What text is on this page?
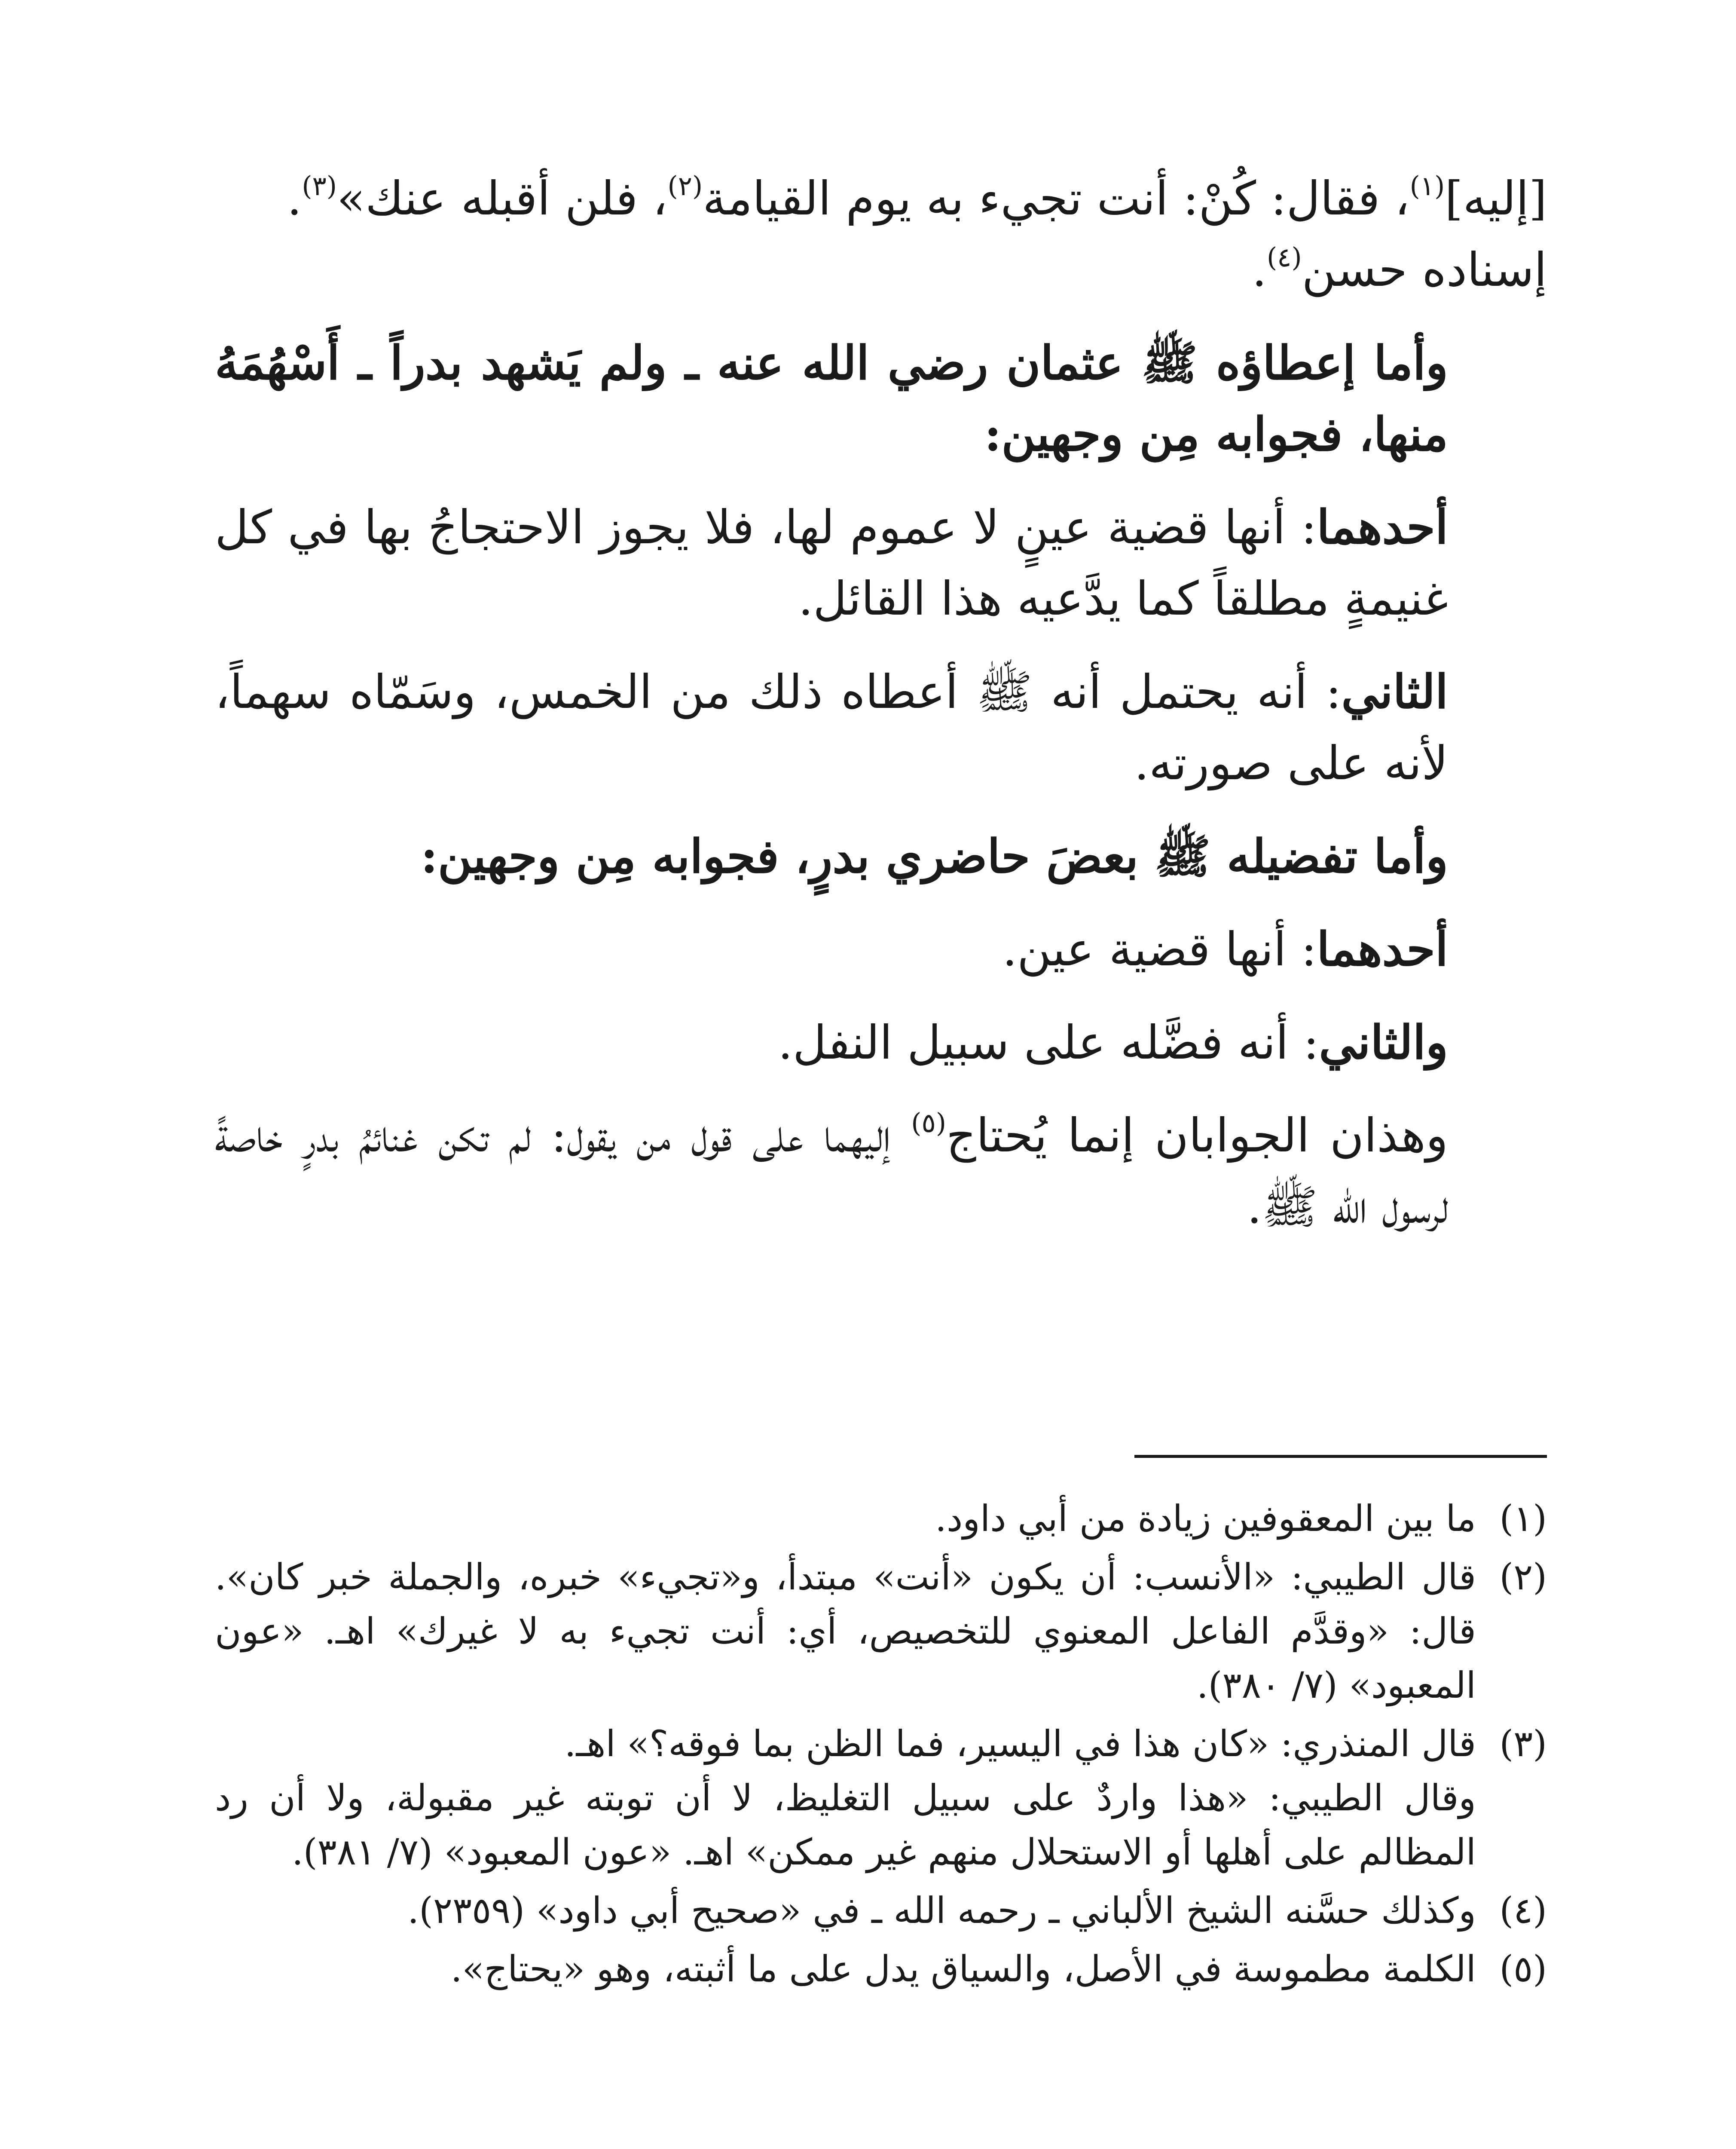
[إليه]$^{(١)}$، فقال: كُنْ: أنت تجيء به يوم القيامة$^{(٢)}$، فلن أقبله عنك»$^{(٣)}$.

إسناده حسن$^{(٤)}$.

وأما إعطاؤه ﷺ عثمان رضي الله عنه ـ ولم يَشهد بدراً ـ أَسْهُمَهُ منها، فجوابه مِن وجهين:

أحدهما: أنها قضية عينٍ لا عموم لها، فلا يجوز الاحتجاجُ بها في كل غنيمةٍ مطلقاً كما يدَّعيه هذا القائل.

الثاني: أنه يحتمل أنه ﷺ أعطاه ذلك من الخمس، وسَمّاه سهماً، لأنه على صورته.

وأما تفضيله ﷺ بعضَ حاضري بدرٍ، فجوابه مِن وجهين:

أحدهما: أنها قضية عين.

والثاني: أنه فضَّله على سبيل النفل.

وهذان الجوابان إنما يُحتاج$^{(٥)}$ إليهما على قول من يقول: لم تكن غنائمُ بدرٍ خاصةً لرسول الله ﷺ.

(١)

ما بين المعقوفين زيادة من أبي داود.

(٢)

قال الطيبي: «الأنسب: أن يكون «أنت» مبتدأ، و«تجيء» خبره، والجملة خبر كان». قال: «وقدَّم الفاعل المعنوي للتخصيص، أي: أنت تجيء به لا غيرك» اهـ. «عون المعبود» (٧/ ٣٨٠).

(٣)

قال المنذري: «كان هذا في اليسير، فما الظن بما فوقه؟» اهـ.

وقال الطيبي: «هذا واردٌ على سبيل التغليظ، لا أن توبته غير مقبولة، ولا أن رد المظالم على أهلها أو الاستحلال منهم غير ممكن» اهـ. «عون المعبود» (٧/ ٣٨١).

(٤)

وكذلك حسَّنه الشيخ الألباني ـ رحمه الله ـ في «صحيح أبي داود» (٢٣٥٩).

(٥)

الكلمة مطموسة في الأصل، والسياق يدل على ما أثبته، وهو «يحتاج».
